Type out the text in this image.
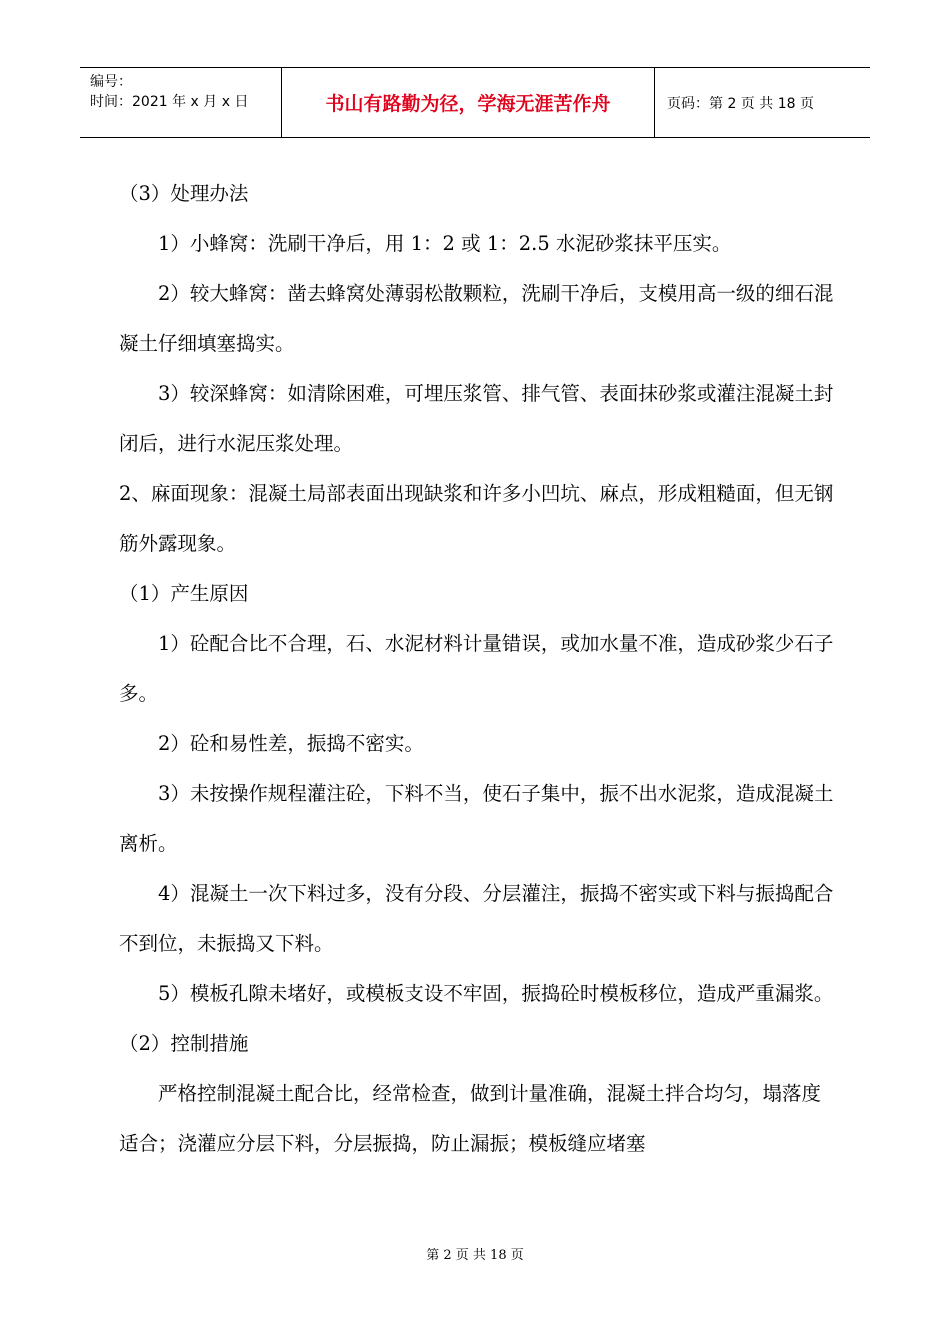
编号：
时间：2021 年 x 月 x 日	书山有路勤为径，学海无涯苦作舟	页码：第 2 页 共 18 页

（3）处理办法

　　1）小蜂窝：洗刷干净后，用 1：2 或 1：2.5 水泥砂浆抹平压实。

　　2）较大蜂窝：凿去蜂窝处薄弱松散颗粒，洗刷干净后，支模用高一级的细石混凝土仔细填塞捣实。

　　3）较深蜂窝：如清除困难，可埋压浆管、排气管、表面抹砂浆或灌注混凝土封闭后，进行水泥压浆处理。

2、麻面现象：混凝土局部表面出现缺浆和许多小凹坑、麻点，形成粗糙面，但无钢筋外露现象。

（1）产生原因

　　1）砼配合比不合理，石、水泥材料计量错误，或加水量不准，造成砂浆少石子多。

　　2）砼和易性差，振捣不密实。

　　3）未按操作规程灌注砼，下料不当，使石子集中，振不出水泥浆，造成混凝土离析。

　　4）混凝土一次下料过多，没有分段、分层灌注，振捣不密实或下料与振捣配合不到位，未振捣又下料。

　　5）模板孔隙未堵好，或模板支设不牢固，振捣砼时模板移位，造成严重漏浆。

（2）控制措施

　　严格控制混凝土配合比，经常检查，做到计量准确，混凝土拌合均匀，塌落度适合；浇灌应分层下料，分层振捣，防止漏振；模板缝应堵塞

第 2 页 共 18 页
